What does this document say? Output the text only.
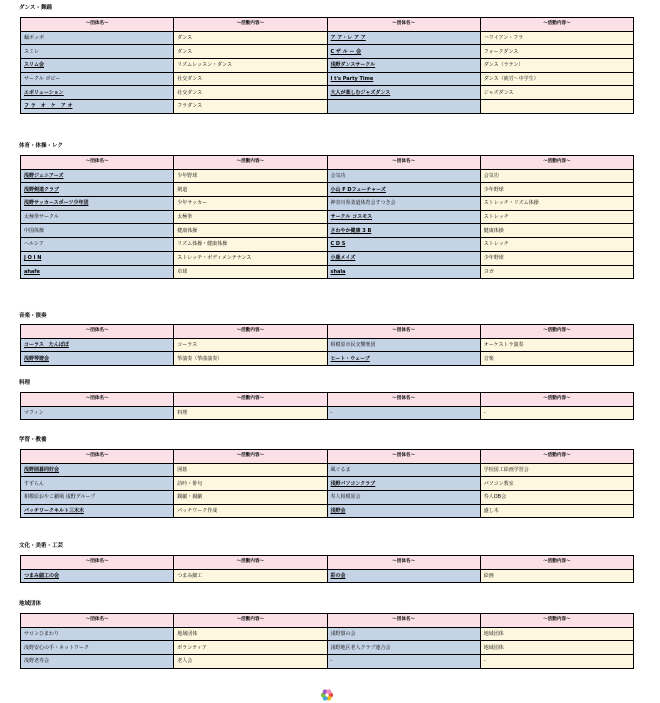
ダンス・舞踊
～団体名～	～活動内容～	～団体名～	～活動内容～
蛹ボッボ	ダンス	ア ア・レ ア ア	ハワイアン・フラ
スミレ	ダンス	C ザ ル ー 会	フォークダンス
スリム会	リズムレッスン・ダンス	浅野ダンスサークル	ダンス（ラテン）
サークル ボビー	社交ダンス	I t's Party Time	ダンス（就労～中学生）
エボリューション	社交ダンス	大人が楽しむジャズダンス	ジャズダンス
フ ラ　オ　ケ　ア オ	フラダンス		
体育・体操・レク
～団体名～	～活動内容～	～団体名～	～活動内容～
浅野ジュニアーズ	少年野球	会気功	会気功
浅野剣道クラブ	剣道	小山 F Dフューチャーズ	少年野球
浅野サッカースポーツ少年団	少年サッカー	神奈川県柔道体育会すつき会	ストレッチ・リズム体操
太極拳サークル	太極拳	サークル コスモス	ストレッチ
中国体操	健康体操	さわやか健康 3 B	健康体操
ヘルシア	リズム体操・健康体操	C D S	ストレッチ
J O I N	ストレッチ・ボディメンテナンス	小鹿メイズ	少年野球
ahafe	卓球	shala	ヨガ
音楽・演奏
～団体名～	～活動内容～	～団体名～	～活動内容～
コーラス　たんぽぽ	コーラス	相模原市民交響楽団	オーケストラ演奏
浅野琴遊会	筝演奏（箏曲演奏）	ヒート・ウェーブ	音楽
料理
～団体名～	～活動内容～	～団体名～	～活動内容～
マフィン	料理	-	-
学習・教養
～団体名～	～活動内容～	～団体名～	～活動内容～
浅野囲碁同好会	囲碁	風ぐるま	学校図工絵画学習会
すずらん	詩吟・俳句	浅野パソコンクラブ	パソコン教室
相模原おやこ劇場 浅野グループ	観劇・親劇	寿人相模原会	寿人OB会
パッチワークキルト三木木	パッチワーク作成	浅野会	盛し木
文化・美術・工芸
～団体名～	～活動内容～	～団体名～	～活動内容～
つまみ細工の会	つまみ細工	彩の会	絵画
地域団体
～団体名～	～活動内容～	～団体名～	～活動内容～
サロンひまわり	地域団体	浅野寮の会	地域団体
浅野安心の手・ネットワーク	ボランティア	浅野地区老人クラブ連合会	地域団体
浅野老寿会	老人会	-	-
